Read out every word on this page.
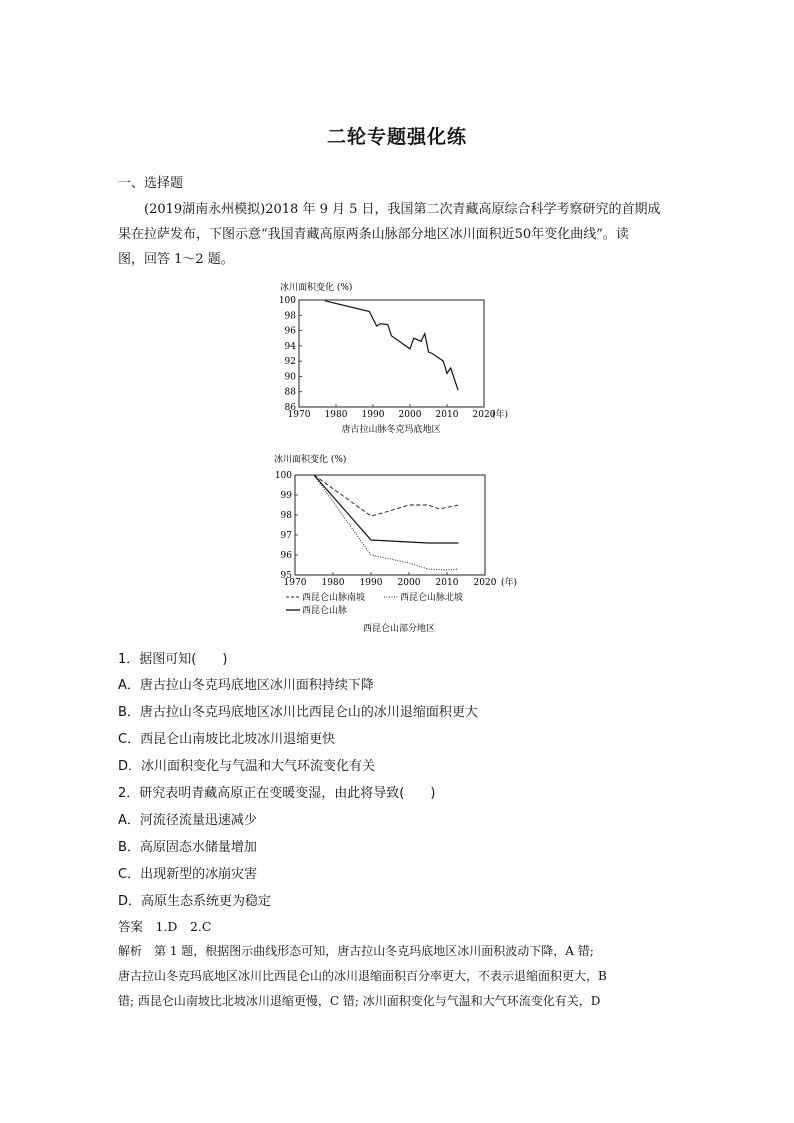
二轮专题强化练
一、选择题
(2019湖南永州模拟)2018 年 9 月 5 日，我国第二次青藏高原综合科学考察研究的首期成
果在拉萨发布，下图示意“我国青藏高原两条山脉部分地区冰川面积近50年变化曲线”。读
图，回答 1～2 题。
冰川面积变化 (%)
(年)
唐古拉山脉冬克玛底地区
1970 1980 1990 2000 2010 2020
100
98
96
94
92
90
88
86
冰川面积变化 (%)
(年)
西昆仑山脉南坡	西昆仑山脉北坡
西昆仑山脉
西昆仑山部分地区
1970 1980 1990 2000 2010 2020
100
99
98
97
96
95
1．据图可知(　　)
A．唐古拉山冬克玛底地区冰川面积持续下降
B．唐古拉山冬克玛底地区冰川比西昆仑山的冰川退缩面积更大
C．西昆仑山南坡比北坡冰川退缩更快
D．冰川面积变化与气温和大气环流变化有关
2．研究表明青藏高原正在变暖变湿，由此将导致(　　)
A．河流径流量迅速减少
B．高原固态水储量增加
C．出现新型的冰崩灾害
D．高原生态系统更为稳定
答案　1.D　2.C
解析　第 1 题，根据图示曲线形态可知，唐古拉山冬克玛底地区冰川面积波动下降，A 错;
唐古拉山冬克玛底地区冰川比西昆仑山的冰川退缩面积百分率更大，不表示退缩面积更大，B
错; 西昆仑山南坡比北坡冰川退缩更慢，C 错; 冰川面积变化与气温和大气环流变化有关，D
